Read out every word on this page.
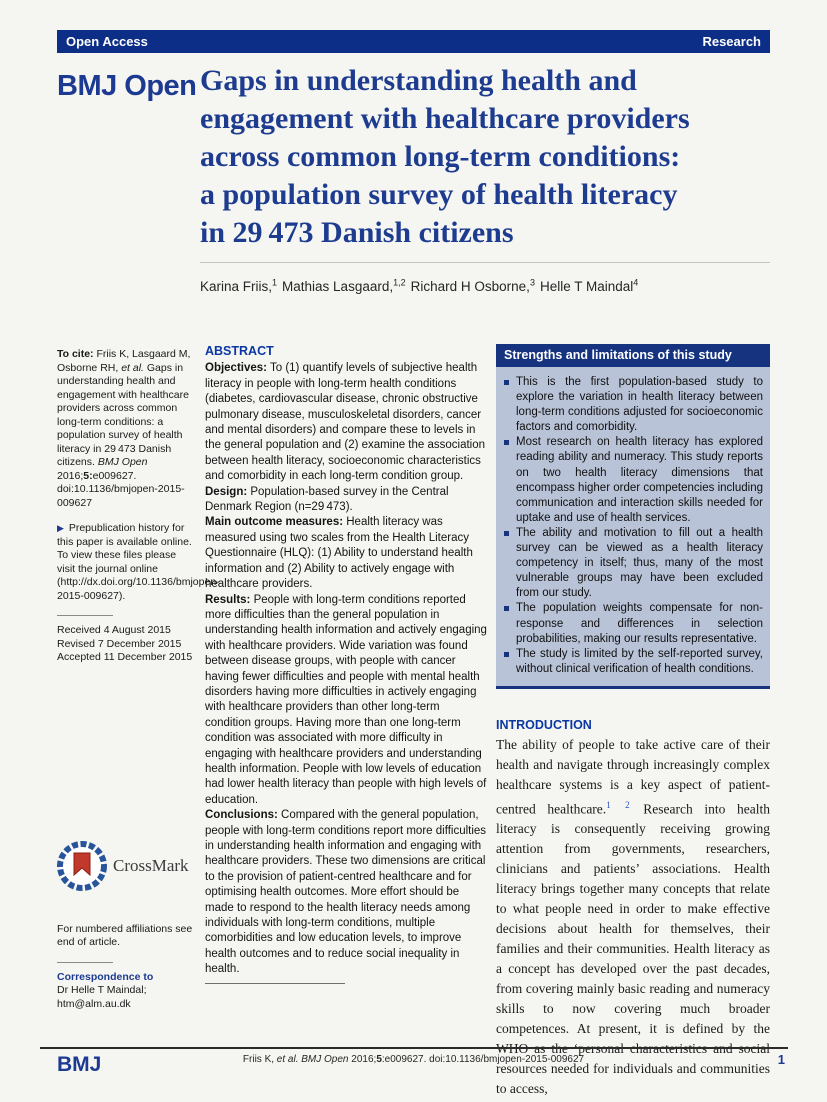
Open Access	Research
BMJ Open Gaps in understanding health and
engagement with healthcare providers
across common long-term conditions:
a population survey of health literacy
in 29 473 Danish citizens
Karina Friis,$^1$ Mathias Lasgaard,$^{1,2}$ Richard H Osborne,$^3$ Helle T Maindal$^4$
To cite: Friis K, Lasgaard M, Osborne RH, et al. Gaps in understanding health and engagement with healthcare providers across common long-term conditions: a population survey of health literacy in 29 473 Danish citizens. BMJ Open 2016;5:e009627. doi:10.1136/bmjopen-2015-009627
▶ Prepublication history for this paper is available online. To view these files please visit the journal online (http://dx.doi.org/10.1136/bmjopen-2015-009627).
Received 4 August 2015
Revised 7 December 2015
Accepted 11 December 2015
CrossMark
For numbered affiliations see end of article.
Correspondence to
Dr Helle T Maindal;
htm@alm.au.dk
ABSTRACT

Objectives: To (1) quantify levels of subjective health literacy in people with long-term health conditions (diabetes, cardiovascular disease, chronic obstructive pulmonary disease, musculoskeletal disorders, cancer and mental disorders) and compare these to levels in the general population and (2) examine the association between health literacy, socioeconomic characteristics and comorbidity in each long-term condition group.

Design: Population-based survey in the Central Denmark Region (n=29 473).

Main outcome measures: Health literacy was measured using two scales from the Health Literacy Questionnaire (HLQ): (1) Ability to understand health information and (2) Ability to actively engage with healthcare providers.

Results: People with long-term conditions reported more difficulties than the general population in understanding health information and actively engaging with healthcare providers. Wide variation was found between disease groups, with people with cancer having fewer difficulties and people with mental health disorders having more difficulties in actively engaging with healthcare providers than other long-term condition groups. Having more than one long-term condition was associated with more difficulty in engaging with healthcare providers and understanding health information. People with low levels of education had lower health literacy than people with high levels of education.

Conclusions: Compared with the general population, people with long-term conditions report more difficulties in understanding health information and engaging with healthcare providers. These two dimensions are critical to the provision of patient-centred healthcare and for optimising health outcomes. More effort should be made to respond to the health literacy needs among individuals with long-term conditions, multiple comorbidities and low education levels, to improve health outcomes and to reduce social inequality in health.

Strengths and limitations of this study
This is the first population-based study to explore the variation in health literacy between long-term conditions adjusted for socioeconomic factors and comorbidity.
Most research on health literacy has explored reading ability and numeracy. This study reports on two health literacy dimensions that encompass higher order competencies including communication and interaction skills needed for uptake and use of health services.
The ability and motivation to fill out a health survey can be viewed as a health literacy competency in itself; thus, many of the most vulnerable groups may have been excluded from our study.
The population weights compensate for non-response and differences in selection probabilities, making our results representative.
The study is limited by the self-reported survey, without clinical verification of health conditions.
INTRODUCTION

The ability of people to take active care of their health and navigate through increasingly complex healthcare systems is a key aspect of patient-centred healthcare.$^{1 2}$ Research into health literacy is consequently receiving growing attention from governments, researchers, clinicians and patients’ associations. Health literacy brings together many concepts that relate to what people need in order to make effective decisions about health for themselves, their families and their communities. Health literacy as a concept has developed over the past decades, from covering mainly basic reading and numeracy skills to now covering much broader competences. At present, it is defined by the WHO as the ‘personal characteristics and social resources needed for individuals and communities to access,

Friis K, et al. BMJ Open 2016;5:e009627. doi:10.1136/bmjopen-2015-009627
BMJ	1
